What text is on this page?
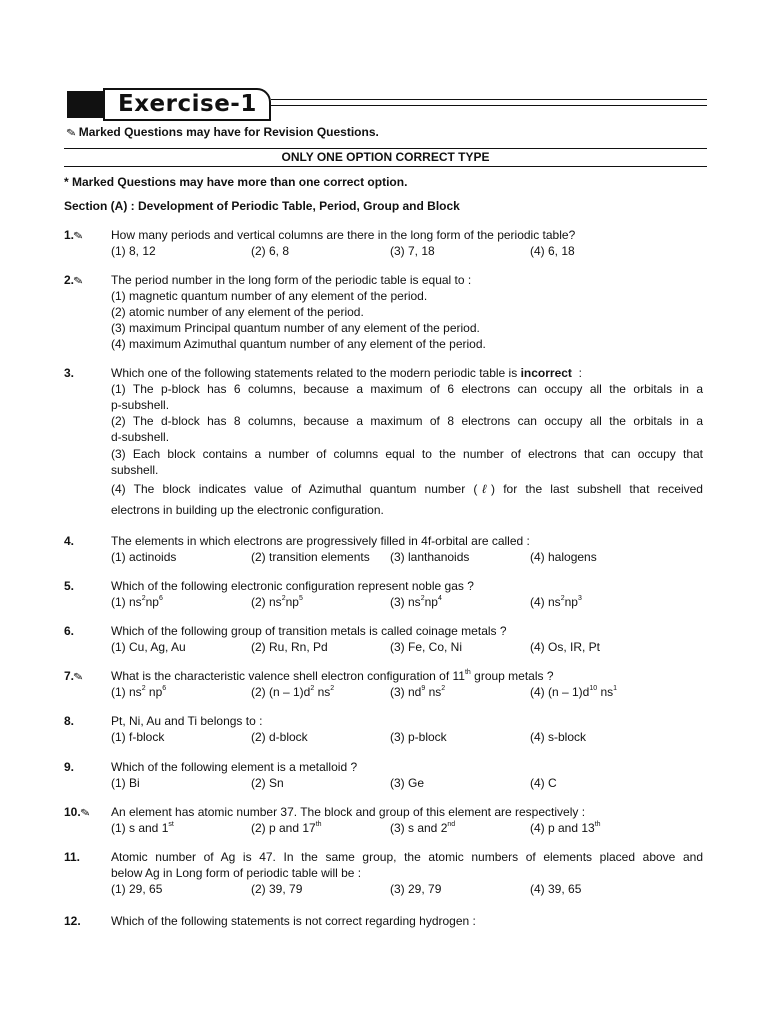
Exercise-1
✎ Marked Questions may have for Revision Questions.
ONLY ONE OPTION CORRECT TYPE
* Marked Questions may have more than one correct option.
Section (A) : Development of Periodic Table, Period, Group and Block
1.✎ How many periods and vertical columns are there in the long form of the periodic table?
(1) 8, 12	(2) 6, 8	(3) 7, 18	(4) 6, 18
2.✎ The period number in the long form of the periodic table is equal to :
(1) magnetic quantum number of any element of the period.
(2) atomic number of any element of the period.
(3) maximum Principal quantum number of any element of the period.
(4) maximum Azimuthal quantum number of any element of the period.
3.	Which one of the following statements related to the modern periodic table is incorrect :
(1) The p-block has 6 columns, because a maximum of 6 electrons can occupy all the orbitals in a
p-subshell.
(2) The d-block has 8 columns, because a maximum of 8 electrons can occupy all the orbitals in a
d-subshell.
(3) Each block contains a number of columns equal to the number of electrons that can occupy that
subshell.
(4) The block indicates value of Azimuthal quantum number (ℓ) for the last subshell that received
electrons in building up the electronic configuration.
4.	The elements in which electrons are progressively filled in 4f-orbital are called :
(1) actinoids	(2) transition elements (3) lanthanoids	(4) halogens
5.	Which of the following electronic configuration represent noble gas ?
(1) $ns^2np^6$	(2) $ns^2np^5$	(3) $ns^2np^4$	(4) $ns^2np^3$
6.	Which of the following group of transition metals is called coinage metals ?
(1) Cu, Ag, Au	(2) Ru, Rn, Pd	(3) Fe, Co, Ni	(4) Os, IR, Pt
7.✎ What is the characteristic valence shell electron configuration of 11th group metals ?
(1) $ns^2$ $np^6$	(2) $(n - 1)d^2$ $ns^2$	(3) $nd^9$ $ns^2$	(4) $(n - 1)d^{10}$ $ns^1$
8.	Pt, Ni, Au and Ti belongs to :
(1) f-block	(2) d-block	(3) p-block	(4) s-block
9.	Which of the following element is a metalloid ?
(1) Bi	(2) Sn	(3) Ge	(4) C
10.✎ An element has atomic number 37. The block and group of this element are respectively :
(1) s and 1st	(2) p and 17th	(3) s and 2nd	(4) p and 13th
11.	Atomic number of Ag is 47. In the same group, the atomic numbers of elements placed above and
below Ag in Long form of periodic table will be :
(1) 29, 65	(2) 39, 79	(3) 29, 79	(4) 39, 65
12.	Which of the following statements is not correct regarding hydrogen :
